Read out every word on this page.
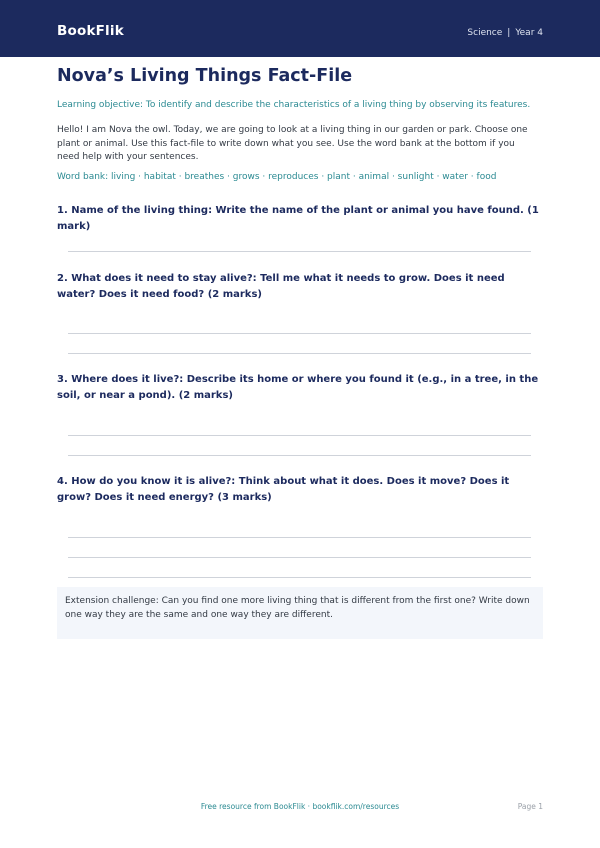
BookFlik	Science | Year 4
Nova’s Living Things Fact-File
Learning objective: To identify and describe the characteristics of a living thing by observing its features.
Hello! I am Nova the owl. Today, we are going to look at a living thing in our garden or park. Choose one plant or animal. Use this fact-file to write down what you see. Use the word bank at the bottom if you need help with your sentences.
Word bank: living · habitat · breathes · grows · reproduces · plant · animal · sunlight · water · food
1. Name of the living thing: Write the name of the plant or animal you have found. (1 mark)
2. What does it need to stay alive?: Tell me what it needs to grow. Does it need water? Does it need food? (2 marks)
3. Where does it live?: Describe its home or where you found it (e.g., in a tree, in the soil, or near a pond). (2 marks)
4. How do you know it is alive?: Think about what it does. Does it move? Does it grow? Does it need energy? (3 marks)
Extension challenge: Can you find one more living thing that is different from the first one? Write down one way they are the same and one way they are different.
Free resource from BookFlik · bookflik.com/resources	Page 1
